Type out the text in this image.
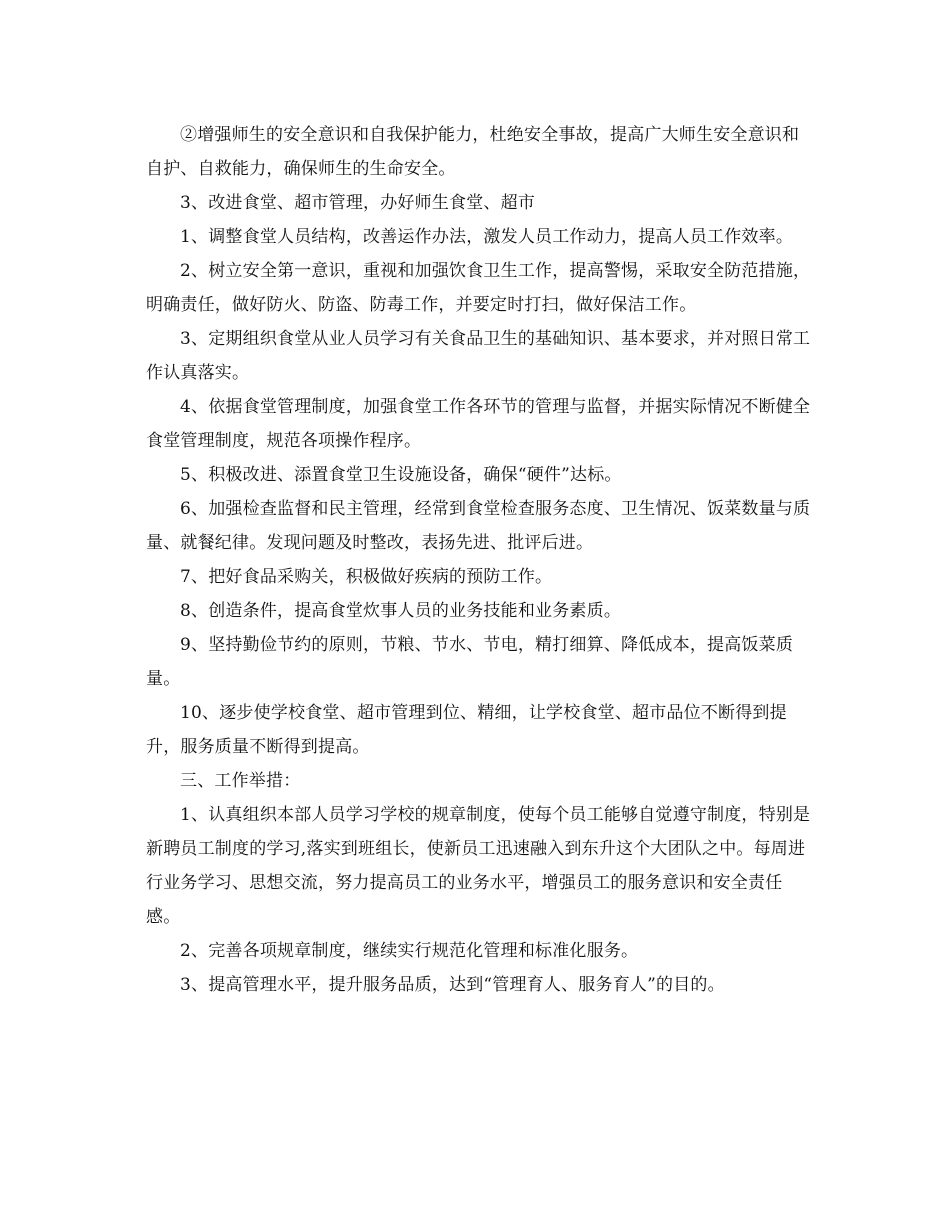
②增强师生的安全意识和自我保护能力，杜绝安全事故，提高广大师生安全意识和自护、自救能力，确保师生的生命安全。

3、改进食堂、超市管理，办好师生食堂、超市

1、调整食堂人员结构，改善运作办法，激发人员工作动力，提高人员工作效率。

2、树立安全第一意识，重视和加强饮食卫生工作，提高警惕，采取安全防范措施，明确责任，做好防火、防盗、防毒工作，并要定时打扫，做好保洁工作。

3、定期组织食堂从业人员学习有关食品卫生的基础知识、基本要求，并对照日常工作认真落实。

4、依据食堂管理制度，加强食堂工作各环节的管理与监督，并据实际情况不断健全食堂管理制度，规范各项操作程序。

5、积极改进、添置食堂卫生设施设备，确保“硬件”达标。

6、加强检查监督和民主管理，经常到食堂检查服务态度、卫生情况、饭菜数量与质量、就餐纪律。发现问题及时整改，表扬先进、批评后进。

7、把好食品采购关，积极做好疾病的预防工作。

8、创造条件，提高食堂炊事人员的业务技能和业务素质。

9、坚持勤俭节约的原则，节粮、节水、节电，精打细算、降低成本，提高饭菜质量。

10、逐步使学校食堂、超市管理到位、精细，让学校食堂、超市品位不断得到提升，服务质量不断得到提高。

三、工作举措：

1、认真组织本部人员学习学校的规章制度，使每个员工能够自觉遵守制度，特别是新聘员工制度的学习,落实到班组长，使新员工迅速融入到东升这个大团队之中。每周进行业务学习、思想交流，努力提高员工的业务水平，增强员工的服务意识和安全责任感。

2、完善各项规章制度，继续实行规范化管理和标准化服务。

3、提高管理水平，提升服务品质，达到“管理育人、服务育人”的目的。
